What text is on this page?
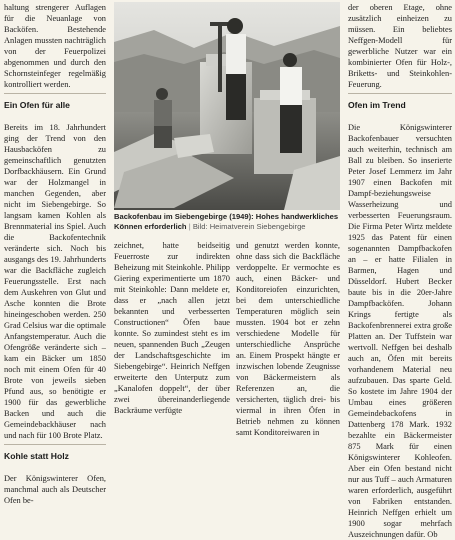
haltung strengerer Auflagen für die Neuanlage von Backöfen. Bestehende Anlagen mussten nachträglich von der Feuerpolizei abgenommen und durch den Schornsteinfeger regelmäßig kontrolliert werden.

Ein Ofen für alle

Bereits im 18. Jahrhundert ging der Trend von den Hausbacköfen zu gemeinschaftlich genutzten Dorfbackhäusern. Ein Grund war der Holzmangel in manchen Gegenden, aber nicht im Siebengebirge. So langsam kamen Kohlen als Brennmaterial ins Spiel. Auch die Backofentechnik veränderte sich. Noch bis ausgangs des 19. Jahrhunderts war die Backfläche zugleich Feuerungsstelle. Erst nach dem Auskehren von Glut und Asche konnten die Brote hineingeschoben werden. 250 Grad Celsius war die optimale Anfangstemperatur. Auch die Ofengröße veränderte sich – kam ein Bäcker um 1850 noch mit einem Ofen für 40 Brote von jeweils sieben Pfund aus, so benötigte er 1900 für das gewerbliche Backen und auch die Gemeindebackhäuser nach und nach für 100 Brote Platz.

Kohle statt Holz

Der Königswinterer Ofen, manchmal auch als Deutscher Ofen be-

Backofenbau im Siebengebirge (1949): Hohes handwerkliches Können erforderlich | Bild: Heimatverein Siebengebirge

zeichnet, hatte beidseitig Feuerroste zur indirekten Beheizung mit Steinkohle. Philipp Giering experimentierte um 1870 mit Steinkohle: Dann meldete er, dass er „nach allen jetzt bekannten und verbesserten Constructionen“ Öfen baue konnte. So zumindest steht es im neuen, spannenden Buch „Zeugen der Landschaftsgeschichte im Siebengebirge“. Heinrich Neffgen erweiterte den Unterputz zum „Kanalofen doppelt“, der über zwei übereinanderliegende Backräume verfügte

und genutzt werden konnte, ohne dass sich die Backfläche verdoppelte. Er vermochte es auch, einen Bäcker- und Konditoreiofen einzurichten, bei dem unterschiedliche Temperaturen möglich sein mussten. 1904 bot er zehn verschiedene Modelle für unterschiedliche Ansprüche an. Einem Prospekt hängte er inzwischen lobende Zeugnisse von Bäckermeistern als Referenzen an, die versicherten, täglich drei- bis viermal in ihren Öfen in Betrieb nehmen zu können samt Konditoreiwaren in

der oberen Etage, ohne zusätzlich einheizen zu müssen. Ein beliebtes Neffgen-Modell für gewerbliche Nutzer war ein kombinierter Ofen für Holz-, Briketts- und Steinkohlen-Feuerung.

Ofen im Trend

Die Königswinterer Backofenbauer versuchten auch weiterhin, technisch am Ball zu bleiben. So inserierte Peter Josef Lemmerz im Jahr 1907 einen Backofen mit Dampf-beziehungsweise Wasserheizung und verbesserten Feuerungsraum. Die Firma Peter Wirtz meldete 1925 das Patent für einen sogenannten Dampfbackofen an – er hatte Filialen in Barmen, Hagen und Düsseldorf. Hubert Becker baute bis in die 20er-Jahre Dampfbacköfen. Johann Krings fertigte als Backofenbrennerei extra große Platten an. Der Tuffstein war wertvoll. Neffgen bei deshalb auch an, Öfen mit bereits vorhandenem Material neu aufzubauen. Das sparte Geld. So kostete im Jahre 1904 der Umbau eines größeren Gemeindebackofens in Dattenberg 178 Mark. 1932 bezahlte ein Bäckermeister 875 Mark für einen Königswinterer Kohleofen. Aber ein Ofen bestand nicht nur aus Tuff – auch Armaturen waren erforderlich, ausgeführt von Fabriken entstanden. Heinrich Neffgen erhielt um 1900 sogar mehrfach Auszeichnungen dafür. Ob
